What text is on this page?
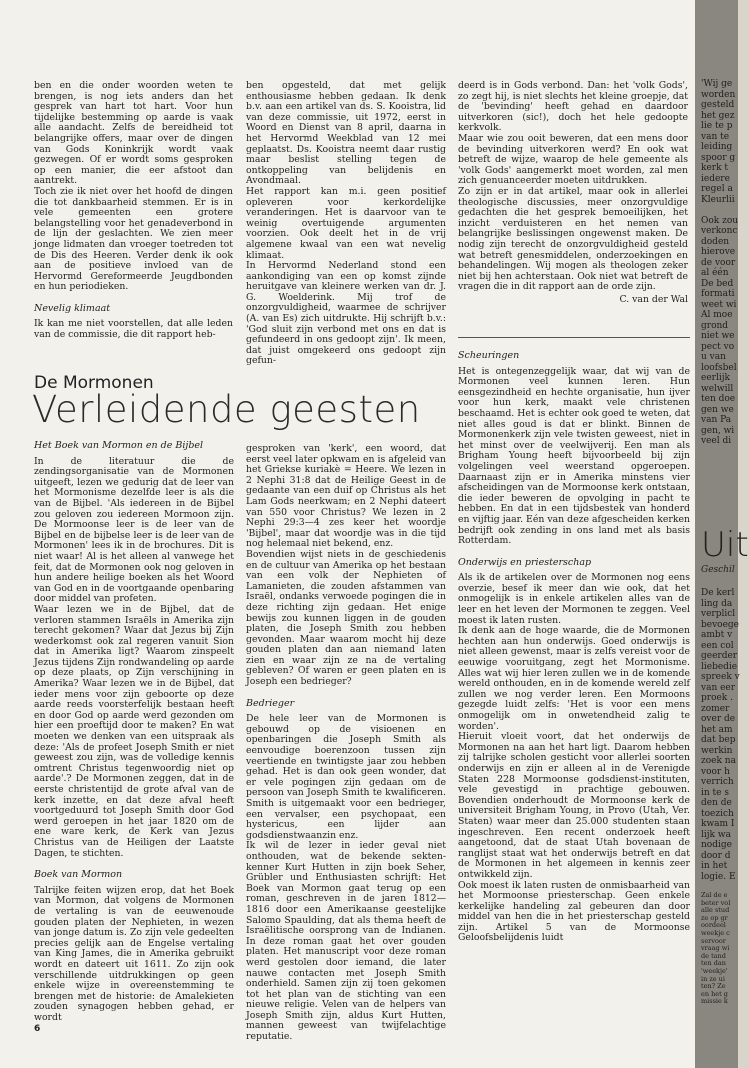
ben en die onder woorden weten te brengen, is nog iets anders dan het gesprek van hart tot hart. Voor hun tijdelijke bestemming op aarde is vaak alle aandacht. Zelfs de bereidheid tot belangrijke offers, maar over de dingen van Gods Koninkrijk wordt vaak gezwegen. Of er wordt soms gesproken op een manier, die eer afstoot dan aantrekt.

Toch zie ik niet over het hoofd de dingen die tot dankbaarheid stemmen. Er is in vele gemeenten een grotere belangstelling voor het genadeverbond in de lijn der geslachten. We zien meer jonge lidmaten dan vroeger toetreden tot de Dis des Heeren. Verder denk ik ook aan de positieve invloed van de Hervormd Gereformeerde Jeugdbonden en hun periodieken.

Nevelig klimaat

Ik kan me niet voorstellen, dat alle leden van de commissie, die dit rapport heb-

ben opgesteld, dat met gelijk enthousiasme hebben gedaan. Ik denk b.v. aan een artikel van ds. S. Kooistra, lid van deze commissie, uit 1972, eerst in Woord en Dienst van 8 april, daarna in het Hervormd Weekblad van 12 mei geplaatst. Ds. Kooistra neemt daar rustig maar beslist stelling tegen de ontkoppeling van belijdenis en Avondmaal.

Het rapport kan m.i. geen positief opleveren voor kerkordelijke veranderingen. Het is daarvoor van te weinig overtuigende argumenten voorzien. Ook deelt het in de vrij algemene kwaal van een wat nevelig klimaat.

In Hervormd Nederland stond een aankondiging van een op komst zijnde heruitgave van kleinere werken van dr. J. G. Woelderink. Mij trof de onzorgvuldigheid, waarmee de schrijver (A. van Es) zich uitdrukte. Hij schrijft b.v.: 'God sluit zijn verbond met ons en dat is gefundeerd in ons gedoopt zijn'. Ik meen, dat juist omgekeerd ons gedoopt zijn gefun-

deerd is in Gods verbond. Dan: het 'volk Gods', zo zegt hij, is niet slechts het kleine groepje, dat de 'bevinding' heeft gehad en daardoor uitverkoren (sic!), doch het hele gedoopte kerkvolk.

Maar wie zou ooit beweren, dat een mens door de bevinding uitverkoren werd? En ook wat betreft de wijze, waarop de hele gemeente als 'volk Gods' aangemerkt moet worden, zal men zich genuanceerder moeten uitdrukken.

Zo zijn er in dat artikel, maar ook in allerlei theologische discussies, meer onzorgvuldige gedachten die het gesprek bemoeilijken, het inzicht verduisteren en het nemen van belangrijke beslissingen ongewenst maken. De nodig zijn terecht de onzorgvuldigheid gesteld wat betreft genesmiddelen, onderzoekingen en behandelingen. Wij mogen als theologen zeker niet bij hen achterstaan. Ook niet wat betreft de vragen die in dit rapport aan de orde zijn.

C. van der Wal

De Mormonen
Verleidende geesten

Het Boek van Mormon en de Bijbel

In de literatuur die de zendingsorganisatie van de Mormonen uitgeeft, lezen we gedurig dat de leer van het Mormonisme dezelfde leer is als die van de Bijbel. 'Als iedereen in de Bijbel zou geloven zou iedereen Mormoon zijn. De Mormoonse leer is de leer van de Bijbel en de bijbelse leer is de leer van de Mormonen' lees ik in de brochures. Dit is niet waar! Al is het alleen al vanwege het feit, dat de Mormonen ook nog geloven in hun andere heilige boeken als het Woord van God en in de voortgaande openbaring door middel van profeten.

Waar lezen we in de Bijbel, dat de verloren stammen Israëls in Amerika zijn terecht gekomen? Waar dat Jezus bij Zijn wederkomst ook zal regeren vanuit Sion dat in Amerika ligt? Waarom zinspeelt Jezus tijdens Zijn rondwandeling op aarde op deze plaats, op Zijn verschijning in Amerika? Waar lezen we in de Bijbel, dat ieder mens voor zijn geboorte op deze aarde reeds voorsterfelijk bestaan heeft en door God op aarde werd gezonden om hier een proeftijd door te maken? En wat moeten we denken van een uitspraak als deze: 'Als de profeet Joseph Smith er niet geweest zou zijn, was de volledige kennis omtrent Christus tegenwoordig niet op aarde'.? De Mormonen zeggen, dat in de eerste christentijd de grote afval van de kerk inzette, en dat deze afval heeft voortgeduurd tot Joseph Smith door God werd geroepen in het jaar 1820 om de ene ware kerk, de Kerk van Jezus Christus van de Heiligen der Laatste Dagen, te stichten.

Boek van Mormon

Talrijke feiten wijzen erop, dat het Boek van Mormon, dat volgens de Mormonen de vertaling is van de eeuwenoude gouden platen der Nephieten, in wezen van jonge datum is. Zo zijn vele gedeelten precies gelijk aan de Engelse vertaling van King James, die in Amerika gebruikt wordt en dateert uit 1611. Zo zijn ook verschillende uitdrukkingen op geen enkele wijze in overeenstemming te brengen met de historie: de Amalekieten zouden synagogen hebben gehad, er wordt

gesproken van 'kerk', een woord, dat eerst veel later opkwam en is afgeleid van het Griekse kuriakè = Heere. We lezen in 2 Nephi 31:8 dat de Heilige Geest in de gedaante van een duif op Christus als het Lam Gods neerkwam; en 2 Nephi dateert van 550 voor Christus? We lezen in 2 Nephi 29:3—4 zes keer het woordje 'Bijbel', maar dat woordje was in die tijd nog helemaal niet bekend, enz.

Bovendien wijst niets in de geschiedenis en de cultuur van Amerika op het bestaan van een volk der Nephieten of Lamanieten, die zouden afstammen van Israël, ondanks verwoede pogingen die in deze richting zijn gedaan. Het enige bewijs zou kunnen liggen in de gouden platen, die Joseph Smith zou hebben gevonden. Maar waarom mocht hij deze gouden platen dan aan niemand laten zien en waar zijn ze na de vertaling gebleven? Of waren er geen platen en is Joseph een bedrieger?

Bedrieger

De hele leer van de Mormonen is gebouwd op de visioenen en openbaringen die Joseph Smith als eenvoudige boerenzoon tussen zijn veertiende en twintigste jaar zou hebben gehad. Het is dan ook geen wonder, dat er vele pogingen zijn gedaan om de persoon van Joseph Smith te kwalificeren. Smith is uitgemaakt voor een bedrieger, een vervalser, een psychopaat, een hystericus, een lijder aan godsdienstwaanzin enz.

Ik wil de lezer in ieder geval niet onthouden, wat de bekende sekten-kenner Kurt Hutten in zijn boek Seher, Grübler und Enthusiasten schrijft: Het Boek van Mormon gaat terug op een roman, geschreven in de jaren 1812—1816 door een Amerikaanse geestelijke Salomo Spaulding, dat als thema heeft de Israëlitische oorsprong van de Indianen. In deze roman gaat het over gouden platen. Het manuscript voor deze roman werd gestolen door iemand, die later nauwe contacten met Joseph Smith onderhield. Samen zijn zij toen gekomen tot het plan van de stichting van een nieuwe religie. Velen van de helpers van Joseph Smith zijn, aldus Kurt Hutten, mannen geweest van twijfelachtige reputatie.

Scheuringen

Het is ontegenzeggelijk waar, dat wij van de Mormonen veel kunnen leren. Hun eensgezindheid en hechte organisatie, hun ijver voor hun kerk, maakt vele christenen beschaamd. Het is echter ook goed te weten, dat niet alles goud is dat er blinkt. Binnen de Mormonenkerk zijn vele twisten geweest, niet in het minst over de veelwijverij. Een man als Brigham Young heeft bijvoorbeeld bij zijn volgelingen veel weerstand opgeroepen. Daarnaast zijn er in Amerika minstens vier afscheidingen van de Mormoonse kerk ontstaan, die ieder beweren de opvolging in pacht te hebben. En dat in een tijdsbestek van honderd en vijftig jaar. Eén van deze afgescheiden kerken bedrijft ook zending in ons land met als basis Rotterdam.

Onderwijs en priesterschap

Als ik de artikelen over de Mormonen nog eens overzie, besef ik meer dan wie ook, dat het onmogelijk is in enkele artikelen alles van de leer en het leven der Mormonen te zeggen. Veel moest ik laten rusten.

Ik denk aan de hoge waarde, die de Mormonen hechten aan hun onderwijs. Goed onderwijs is niet alleen gewenst, maar is zelfs vereist voor de eeuwige vooruitgang, zegt het Mormonisme. Alles wat wij hier leren zullen we in de komende wereld onthouden, en in de komende wereld zelf zullen we nog verder leren. Een Mormoons gezegde luidt zelfs: 'Het is voor een mens onmogelijk om in onwetendheid zalig te worden'.

Hieruit vloeit voort, dat het onderwijs de Mormonen na aan het hart ligt. Daarom hebben zij talrijke scholen gesticht voor allerlei soorten onderwijs en zijn er alleen al in de Verenigde Staten 228 Mormoonse godsdienst-instituten, vele gevestigd in prachtige gebouwen. Bovendien onderhoudt de Mormoonse kerk de universiteit Brigham Young, in Provo (Utah, Ver. Staten) waar meer dan 25.000 studenten staan ingeschreven. Een recent onderzoek heeft aangetoond, dat de staat Utah bovenaan de ranglijst staat wat het onderwijs betreft en dat de Mormonen in het algemeen in kennis zeer ontwikkeld zijn.

Ook moest ik laten rusten de onmisbaarheid van het Mormoonse priesterschap. Geen enkele kerkelijke handeling zal gebeuren dan door middel van hen die in het priesterschap gesteld zijn. Artikel 5 van de Mormoonse Geloofsbelijdenis luidt

6
'Wij ge
worden
gesteld
het gez
lie te p
van te
leiding
spoor g
kerk t
iedere
regel a
Kleurlii

Ook zou
verkonc
doden
hierove
de voor
al één
De bed
formati
weet wi
Al moe
grond
niet we
pect vo
u van
loofsbel
eerlijk
welwill
ten doe
gen we
van Pa
gen, wi
veel di
Uit
Geschil
De kerl
ling da
verplicl
bevoege
ambt v
een col
geerder
liebedie
spreek v
van eer
proek .
zomer
over de
het am
dat bep
werkin
zoek na
voor h
verrich
in te s
den de
toezich
kwam I
lijk wa
nodige
door d
in het
logie. E
Zal de e
beter vol
alle stud
ze op gr
oordeel
weekje c
servoor
vraag wi
de tand
ten dan
'weekje'
in ze ui
ten? Ze
en het g
missie k
